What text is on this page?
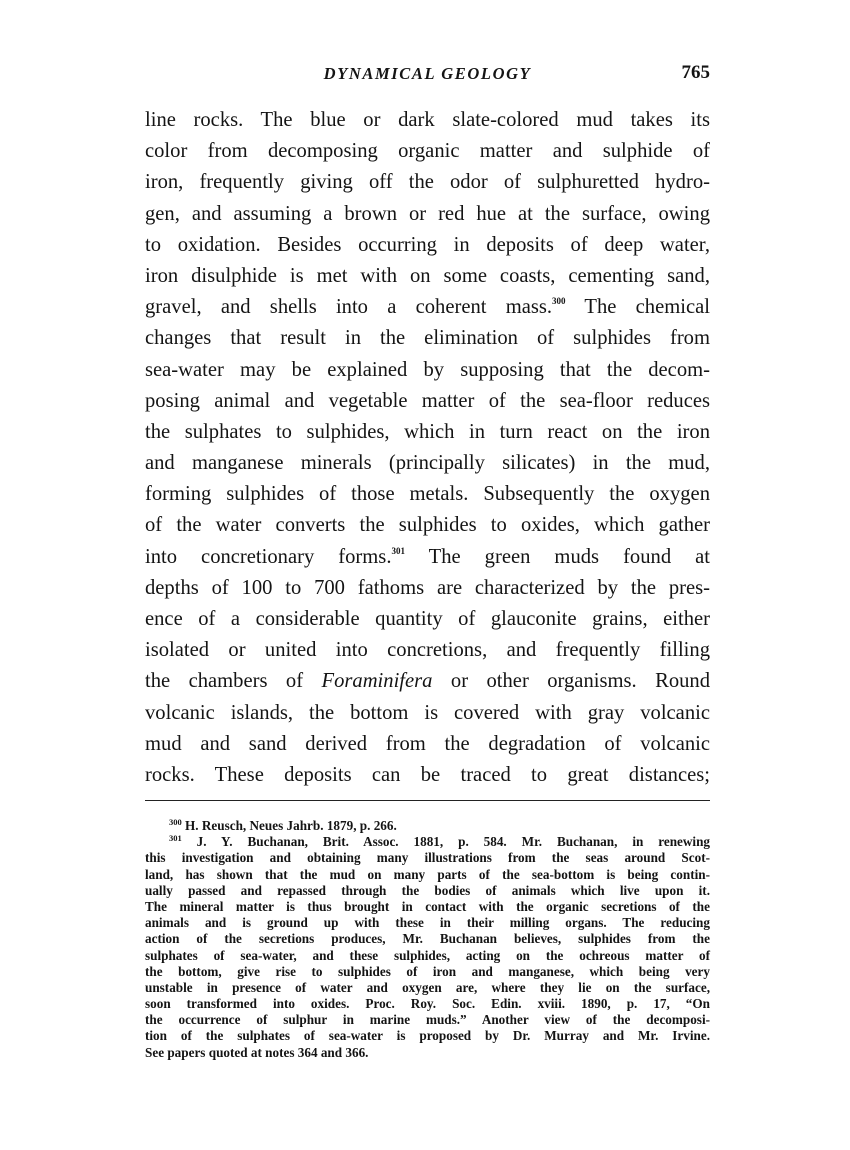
DYNAMICAL GEOLOGY	765
line rocks. The blue or dark slate-colored mud takes its
color from decomposing organic matter and sulphide of
iron, frequently giving off the odor of sulphuretted hydro-
gen, and assuming a brown or red hue at the surface, owing
to oxidation. Besides occurring in deposits of deep water,
iron disulphide is met with on some coasts, cementing sand,
gravel, and shells into a coherent mass.$^{300}$ The chemical
changes that result in the elimination of sulphides from
sea-water may be explained by supposing that the decom-
posing animal and vegetable matter of the sea-floor reduces
the sulphates to sulphides, which in turn react on the iron
and manganese minerals (principally silicates) in the mud,
forming sulphides of those metals. Subsequently the oxygen
of the water converts the sulphides to oxides, which gather
into concretionary forms.$^{301}$ The green muds found at
depths of 100 to 700 fathoms are characterized by the pres-
ence of a considerable quantity of glauconite grains, either
isolated or united into concretions, and frequently filling
the chambers of Foraminifera or other organisms. Round
volcanic islands, the bottom is covered with gray volcanic
mud and sand derived from the degradation of volcanic
rocks. These deposits can be traced to great distances;
$^{300}$ H. Reusch, Neues Jahrb. 1879, p. 266.
$^{301}$ J. Y. Buchanan, Brit. Assoc. 1881, p. 584. Mr. Buchanan, in renewing
this investigation and obtaining many illustrations from the seas around Scot-
land, has shown that the mud on many parts of the sea-bottom is being contin-
ually passed and repassed through the bodies of animals which live upon it.
The mineral matter is thus brought in contact with the organic secretions of the
animals and is ground up with these in their milling organs. The reducing
action of the secretions produces, Mr. Buchanan believes, sulphides from the
sulphates of sea-water, and these sulphides, acting on the ochreous matter of
the bottom, give rise to sulphides of iron and manganese, which being very
unstable in presence of water and oxygen are, where they lie on the surface,
soon transformed into oxides. Proc. Roy. Soc. Edin. xviii. 1890, p. 17, “On
the occurrence of sulphur in marine muds.” Another view of the decomposi-
tion of the sulphates of sea-water is proposed by Dr. Murray and Mr. Irvine.
See papers quoted at notes 364 and 366.
